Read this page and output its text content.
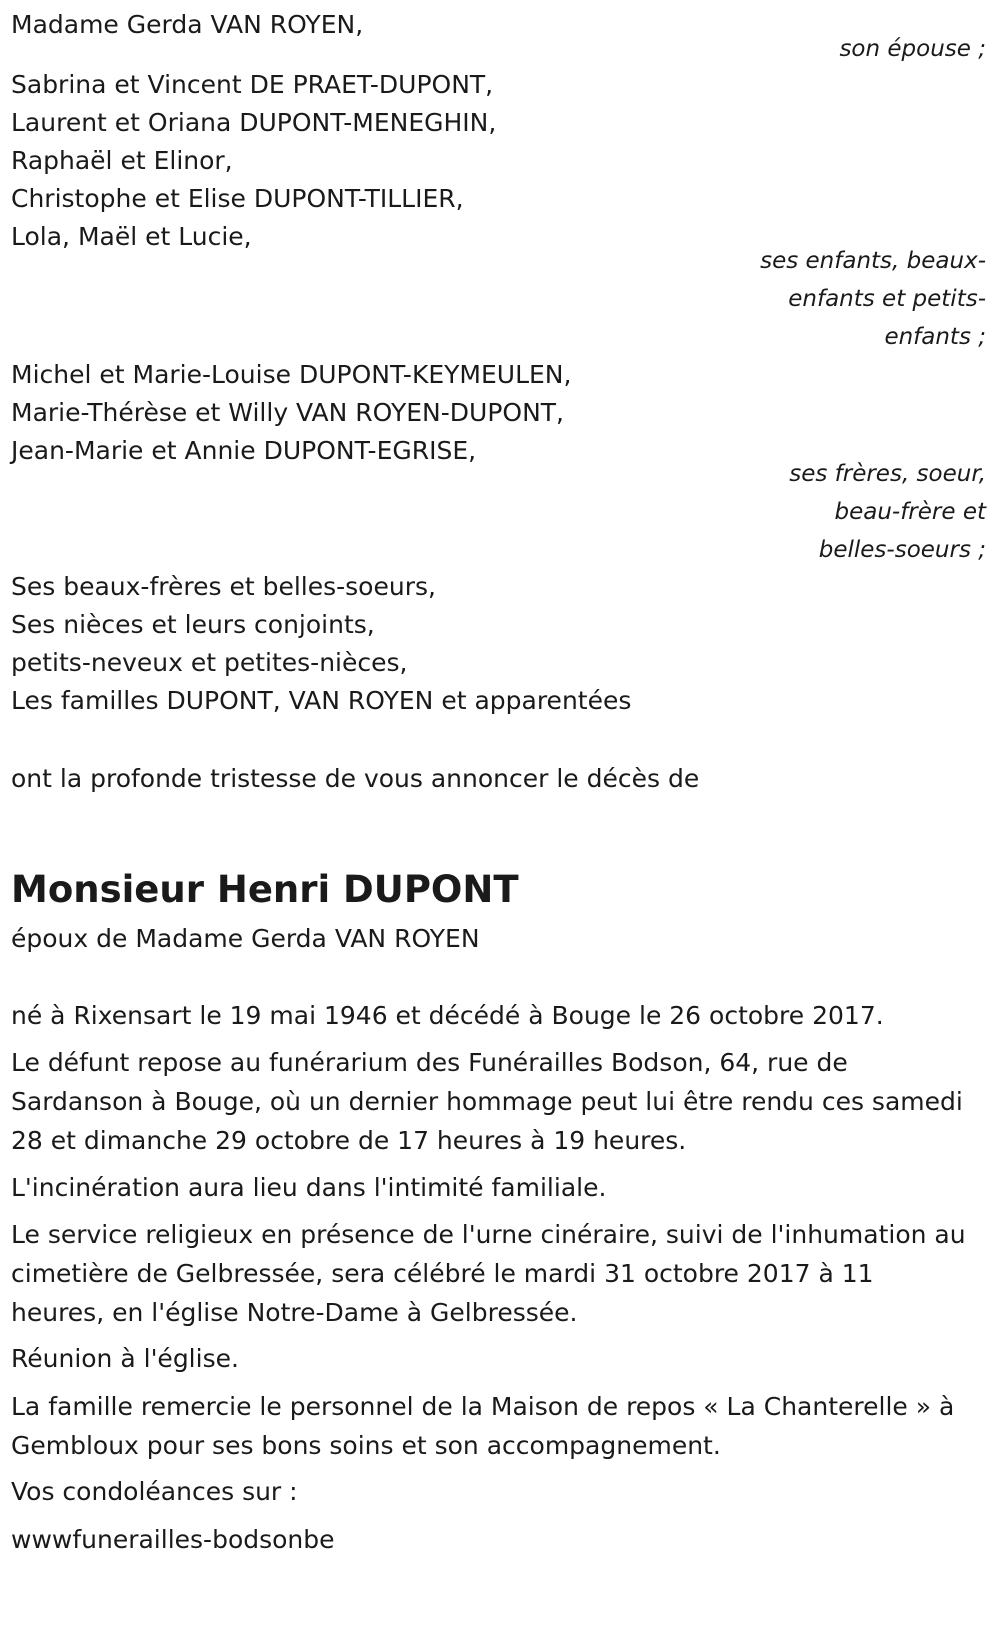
Madame Gerda VAN ROYEN,
son épouse ;
Sabrina et Vincent DE PRAET-DUPONT,
Laurent et Oriana DUPONT-MENEGHIN,
Raphaël et Elinor,
Christophe et Elise DUPONT-TILLIER,
Lola, Maël et Lucie,
ses enfants, beaux-
enfants et petits-
enfants ;
Michel et Marie-Louise DUPONT-KEYMEULEN,
Marie-Thérèse et Willy VAN ROYEN-DUPONT,
Jean-Marie et Annie DUPONT-EGRISE,
ses frères, soeur,
beau-frère et
belles-soeurs ;
Ses beaux-frères et belles-soeurs,
Ses nièces et leurs conjoints,
petits-neveux et petites-nièces,
Les familles DUPONT, VAN ROYEN et apparentées
ont la profonde tristesse de vous annoncer le décès de
Monsieur Henri DUPONT
époux de Madame Gerda VAN ROYEN
né à Rixensart le 19 mai 1946 et décédé à Bouge le 26 octobre 2017.
Le défunt repose au funérarium des Funérailles Bodson, 64, rue de Sardanson à Bouge, où un dernier hommage peut lui être rendu ces samedi 28 et dimanche 29 octobre de 17 heures à 19 heures.
L'incinération aura lieu dans l'intimité familiale.
Le service religieux en présence de l'urne cinéraire, suivi de l'inhumation au cimetière de Gelbressée, sera célébré le mardi 31 octobre 2017 à 11 heures, en l'église Notre-Dame à Gelbressée.
Réunion à l'église.
La famille remercie le personnel de la Maison de repos « La Chanterelle » à Gembloux pour ses bons soins et son accompagnement.
Vos condoléances sur :
wwwfunerailles-bodsonbe
